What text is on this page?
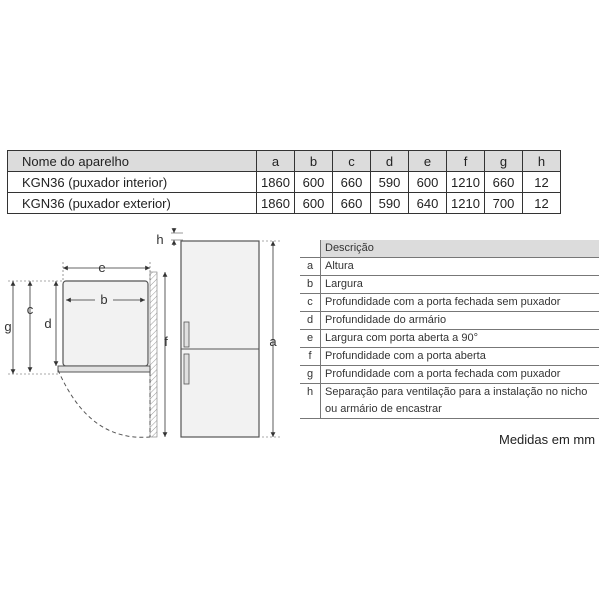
Nome do aparelho	a	b	c	d	e	f	g	h
KGN36 (puxador interior)	1860	600	660	590	600	1210	660	12
KGN36 (puxador exterior)	1860	600	660	590	640	1210	700	12
e
b
d
c
g
f
h
a
	Descrição
a	Altura
b	Largura
c	Profundidade com a porta fechada sem puxador
d	Profundidade do armário
e	Largura com porta aberta a 90°
f	Profundidade com a porta aberta
g	Profundidade com a porta fechada com puxador
h	Separação para ventilação para a instalação no nicho ou armário de encastrar
Medidas em mm
